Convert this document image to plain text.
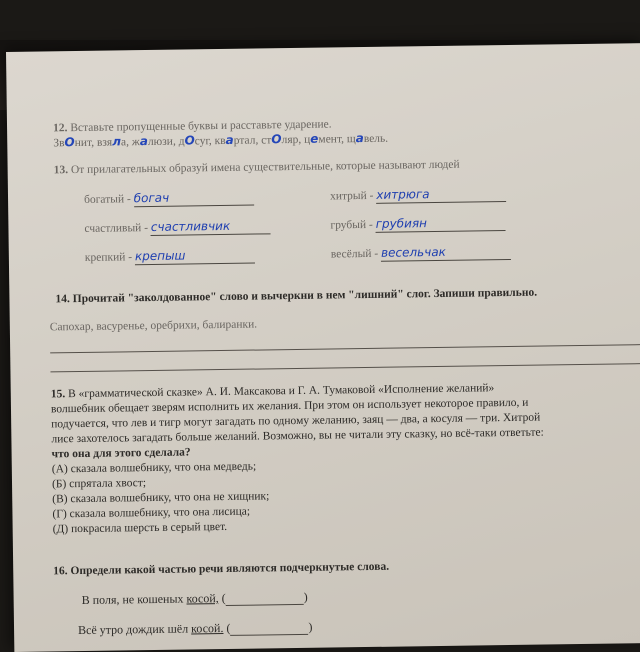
12. Вставьте пропущенные буквы и расставьте ударение.
ЗвОнит, взяла, жалюзи, дОсуг, квартал, стОляр, цемент, щавель.
13. От прилагательных образуй имена существительные, которые называют людей
богатый - богач	хитрый - хитрюга
счастливый - счастливчик	грубый - грубиян
крепкий - крепыш	весёлый - весельчак
14. Прочитай "заколдованное" слово и вычеркни в нем "лишний" слог. Запиши правильно.
Сапохар, васуренье, оребрихи, балиранки.
15. В «грамматической сказке» А. И. Максакова и Г. А. Тумаковой «Исполнение желаний»
волшебник обещает зверям исполнить их желания. При этом он использует некоторое правило, и
подучается, что лев и тигр могут загадать по одному желанию, заяц — два, а косуля — три. Хитрой
лисе захотелось загадать больше желаний. Возможно, вы не читали эту сказку, но всё-таки ответьте:
что она для этого сделала?
(А) сказала волшебнику, что она медведь;
(Б) спрятала хвост;
(В) сказала волшебнику, что она не хищник;
(Г) сказала волшебнику, что она лисица;
(Д) покрасила шерсть в серый цвет.
16. Определи какой частью речи являются подчеркнутые слова.
В поля, не кошеных косой, (	)
Всё утро дождик шёл косой. (	)
